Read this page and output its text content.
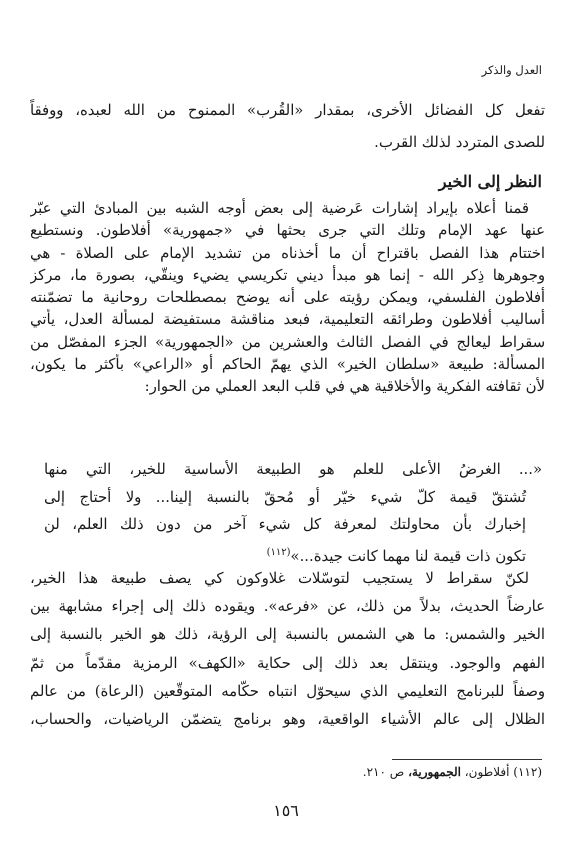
العدل والذكر
تفعل كل الفضائل الأخرى، بمقدار «القُرب» الممنوح من الله لعبده، ووفقاً
للصدى المتردد لذلك القرب.
النظر إلى الخير
قمنا أعلاه بإيراد إشارات عَرضية إلى بعض أوجه الشبه بين المبادئ التي عبّر
عنها عهد الإمام وتلك التي جرى بحثها في «جمهورية» أفلاطون. ونستطيع
اختتام هذا الفصل باقتراح أن ما أخذناه من تشديد الإمام على الصلاة - هي
وجوهرها ذِكر الله - إنما هو مبدأ ديني تكريسي يضيء وينقّي، بصورة ما، مركز
أفلاطون الفلسفي، ويمكن رؤيته على أنه يوضح بمصطلحات روحانية ما تضمّنته
أساليب أفلاطون وطرائقه التعليمية، فبعد مناقشة مستفيضة لمسألة العدل، يأتي
سقراط ليعالج في الفصل الثالث والعشرين من «الجمهورية» الجزء المفصّل من
المسألة: طبيعة «سلطان الخير» الذي يهمّ الحاكم أو «الراعي» بأكثر ما يكون،
لأن ثقافته الفكرية والأخلاقية هي في قلب البعد العملي من الحوار:
«... الغرضُ الأعلى للعلم هو الطبيعة الأساسية للخير، التي منها
تُشتقّ قيمة كلّ شيء خيّر أو مُحقّ بالنسبة إلينا... ولا أحتاج إلى
إخبارك بأن محاولتك لمعرفة كل شيء آخر من دون ذلك العلم، لن
تكون ذات قيمة لنا مهما كانت جيدة...»$^{(١١٢)}$
لكنّ سقراط لا يستجيب لتوسّلات غلاوكون كي يصف طبيعة هذا الخير،
عارضاً الحديث، بدلاً من ذلك، عن «فرعه». ويقوده ذلك إلى إجراء مشابهة بين
الخير والشمس: ما هي الشمس بالنسبة إلى الرؤية، ذلك هو الخير بالنسبة إلى
الفهم والوجود. وينتقل بعد ذلك إلى حكاية «الكهف» الرمزية مقدّماً من ثمّ
وصفاً للبرنامج التعليمي الذي سيحوّل انتباه حكّامه المتوقّعين (الرعاة) من عالم
الظلال إلى عالم الأشياء الواقعية، وهو برنامج يتضمّن الرياضيات، والحساب،
(١١٢) أفلاطون، الجمهورية، ص ٢١٠.
١٥٦
